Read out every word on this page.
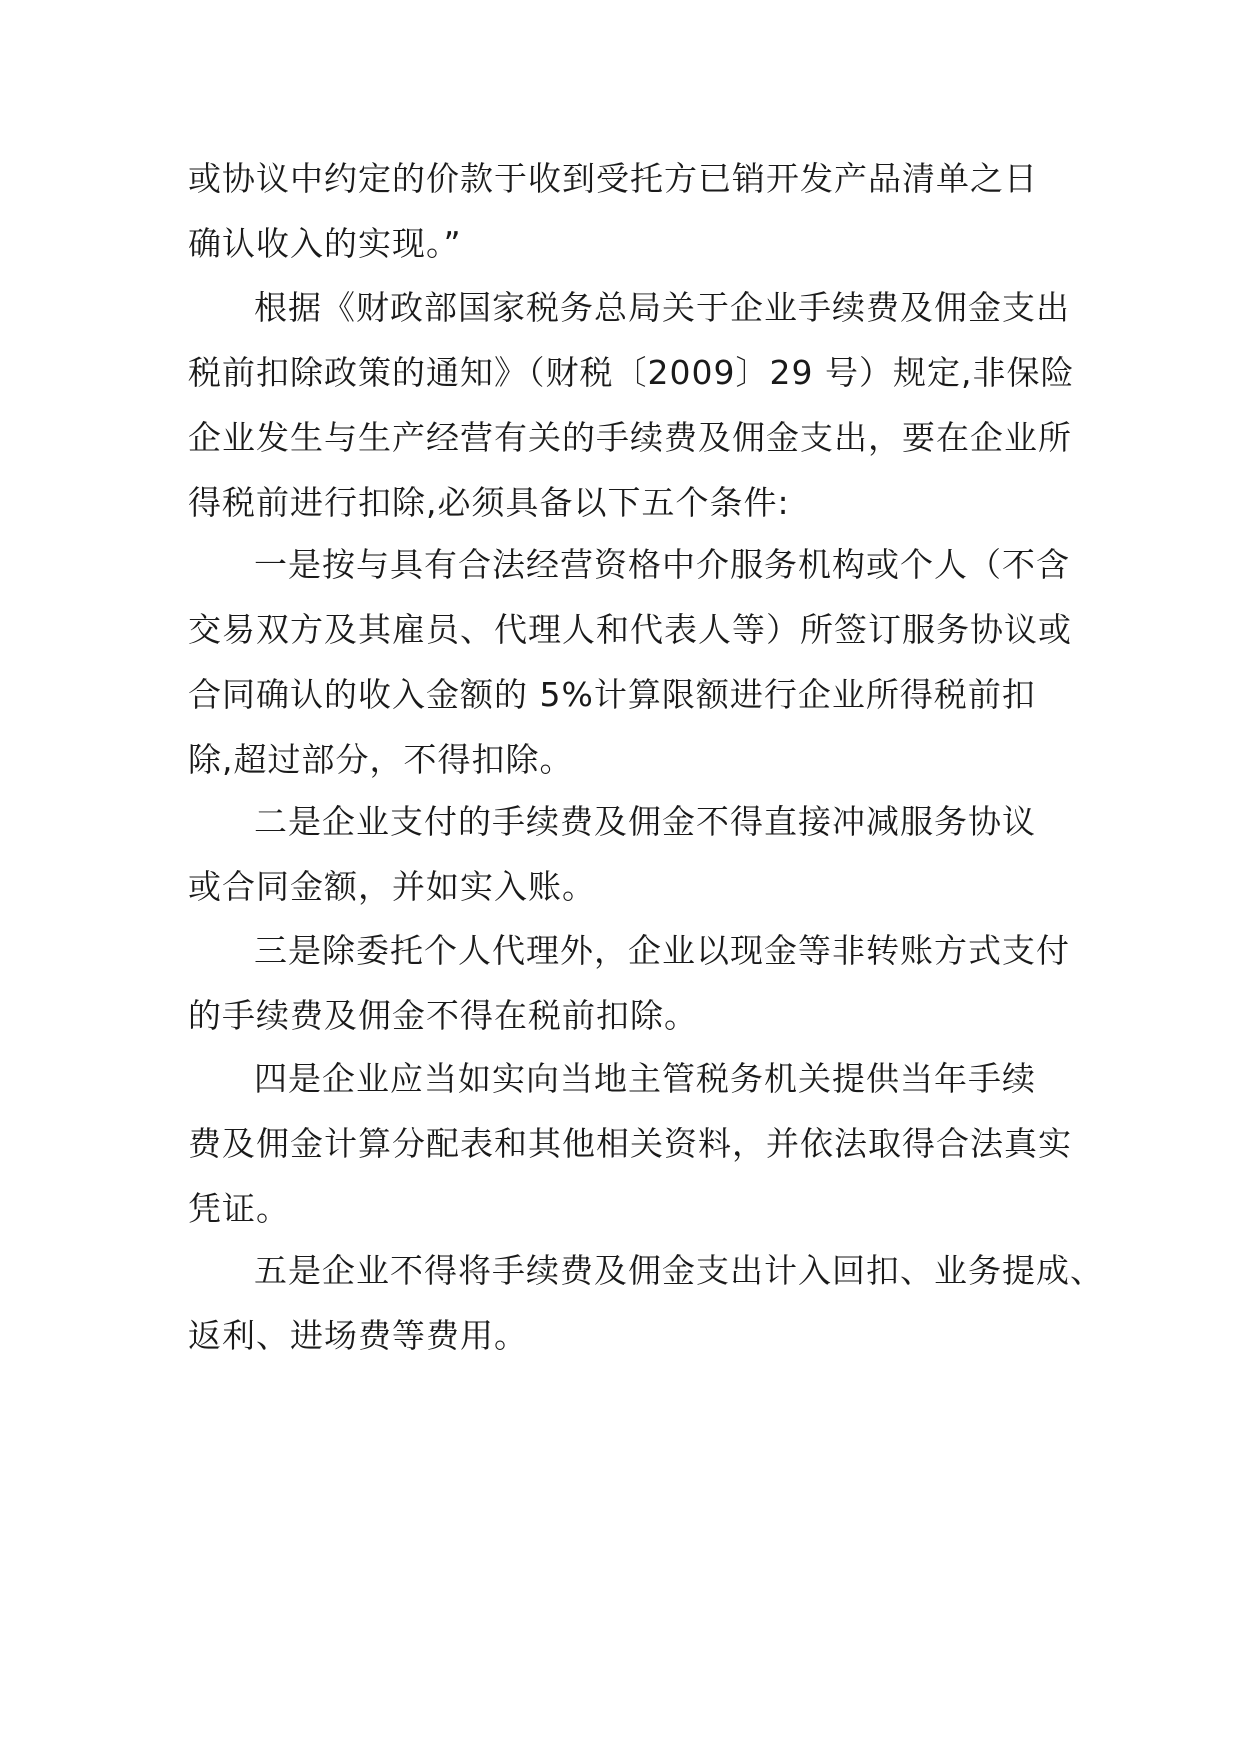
或协议中约定的价款于收到受托方已销开发产品清单之日
确认收入的实现。”
根据《财政部国家税务总局关于企业手续费及佣金支出
税前扣除政策的通知》（财税〔2009〕29 号）规定,非保险
企业发生与生产经营有关的手续费及佣金支出，要在企业所
得税前进行扣除,必须具备以下五个条件:
一是按与具有合法经营资格中介服务机构或个人（不含
交易双方及其雇员、代理人和代表人等）所签订服务协议或
合同确认的收入金额的 5%计算限额进行企业所得税前扣
除,超过部分，不得扣除。
二是企业支付的手续费及佣金不得直接冲减服务协议
或合同金额，并如实入账。
三是除委托个人代理外，企业以现金等非转账方式支付
的手续费及佣金不得在税前扣除。
四是企业应当如实向当地主管税务机关提供当年手续
费及佣金计算分配表和其他相关资料，并依法取得合法真实
凭证。
五是企业不得将手续费及佣金支出计入回扣、业务提成、
返利、进场费等费用。
